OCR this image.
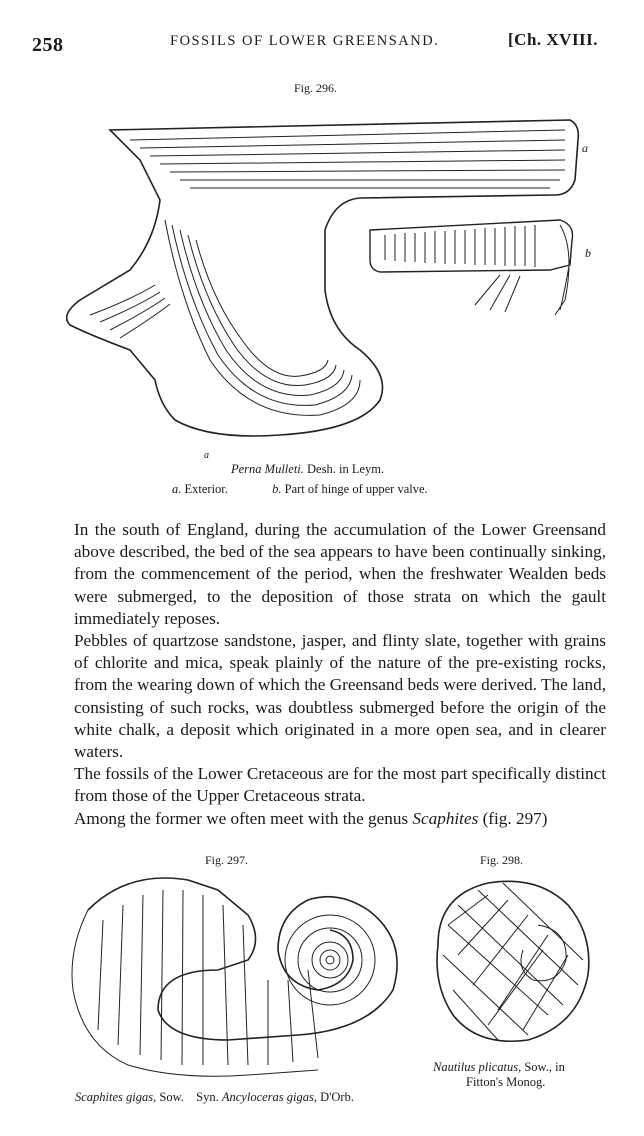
258	FOSSILS OF LOWER GREENSAND.	[Ch. XVIII.
Fig. 296.
a
b
a
Perna Mulleti. Desh. in Leym.
a. Exterior.	b. Part of hinge of upper valve.

In the south of England, during the accumulation of the Lower Greensand above described, the bed of the sea appears to have been continually sinking, from the commencement of the period, when the freshwater Wealden beds were submerged, to the deposition of those strata on which the gault immediately reposes.

Pebbles of quartzose sandstone, jasper, and flinty slate, together with grains of chlorite and mica, speak plainly of the nature of the pre-existing rocks, from the wearing down of which the Greensand beds were derived. The land, consisting of such rocks, was doubtless submerged before the origin of the white chalk, a deposit which originated in a more open sea, and in clearer waters.

The fossils of the Lower Cretaceous are for the most part specifically distinct from those of the Upper Cretaceous strata.

Among the former we often meet with the genus Scaphites (fig. 297)

Fig. 297.
Scaphites gigas, Sow. Syn. Ancyloceras gigas, D'Orb.
Fig. 298.
Nautilus plicatus, Sow., in
Fitton's Monog.
